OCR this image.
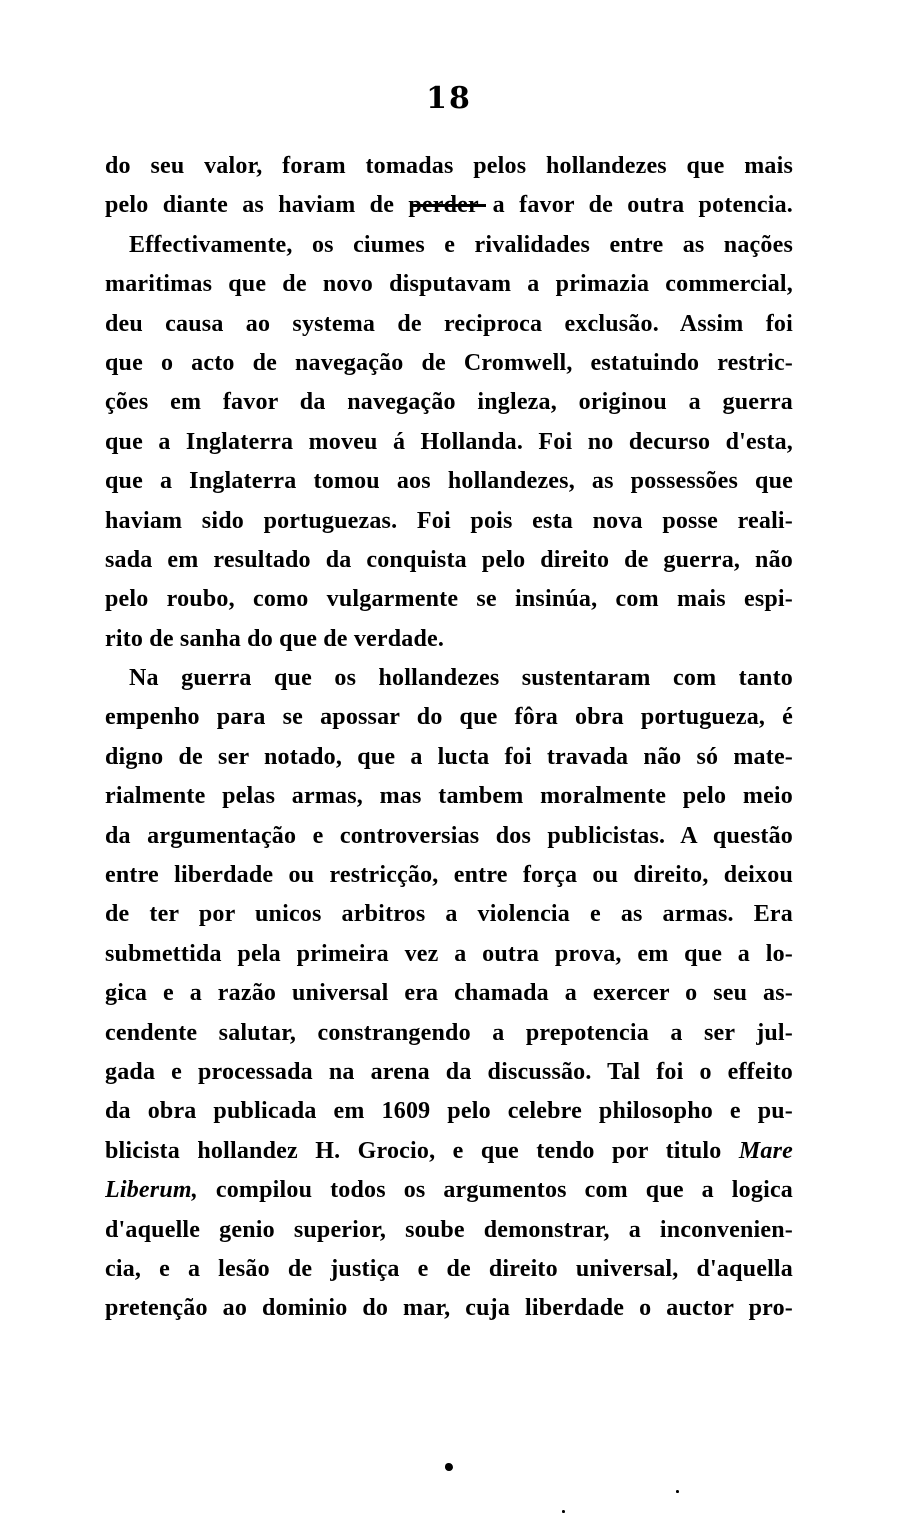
18
do seu valor, foram tomadas pelos hollandezes que mais
pelo diante as haviam de perder a favor de outra potencia.
Effectivamente, os ciumes e rivalidades entre as nações
maritimas que de novo disputavam a primazia commercial,
deu causa ao systema de reciproca exclusão. Assim foi
que o acto de navegação de Cromwell, estatuindo restric-
ções em favor da navegação ingleza, originou a guerra
que a Inglaterra moveu á Hollanda. Foi no decurso d'esta,
que a Inglaterra tomou aos hollandezes, as possessões que
haviam sido portuguezas. Foi pois esta nova posse reali-
sada em resultado da conquista pelo direito de guerra, não
pelo roubo, como vulgarmente se insinúa, com mais espi-
rito de sanha do que de verdade.
Na guerra que os hollandezes sustentaram com tanto
empenho para se apossar do que fôra obra portugueza, é
digno de ser notado, que a lucta foi travada não só mate-
rialmente pelas armas, mas tambem moralmente pelo meio
da argumentação e controversias dos publicistas. A questão
entre liberdade ou restricção, entre força ou direito, deixou
de ter por unicos arbitros a violencia e as armas. Era
submettida pela primeira vez a outra prova, em que a lo-
gica e a razão universal era chamada a exercer o seu as-
cendente salutar, constrangendo a prepotencia a ser jul-
gada e processada na arena da discussão. Tal foi o effeito
da obra publicada em 1609 pelo celebre philosopho e pu-
blicista hollandez H. Grocio, e que tendo por titulo Mare
Liberum, compilou todos os argumentos com que a logica
d'aquelle genio superior, soube demonstrar, a inconvenien-
cia, e a lesão de justiça e de direito universal, d'aquella
pretenção ao dominio do mar, cuja liberdade o auctor pro-
